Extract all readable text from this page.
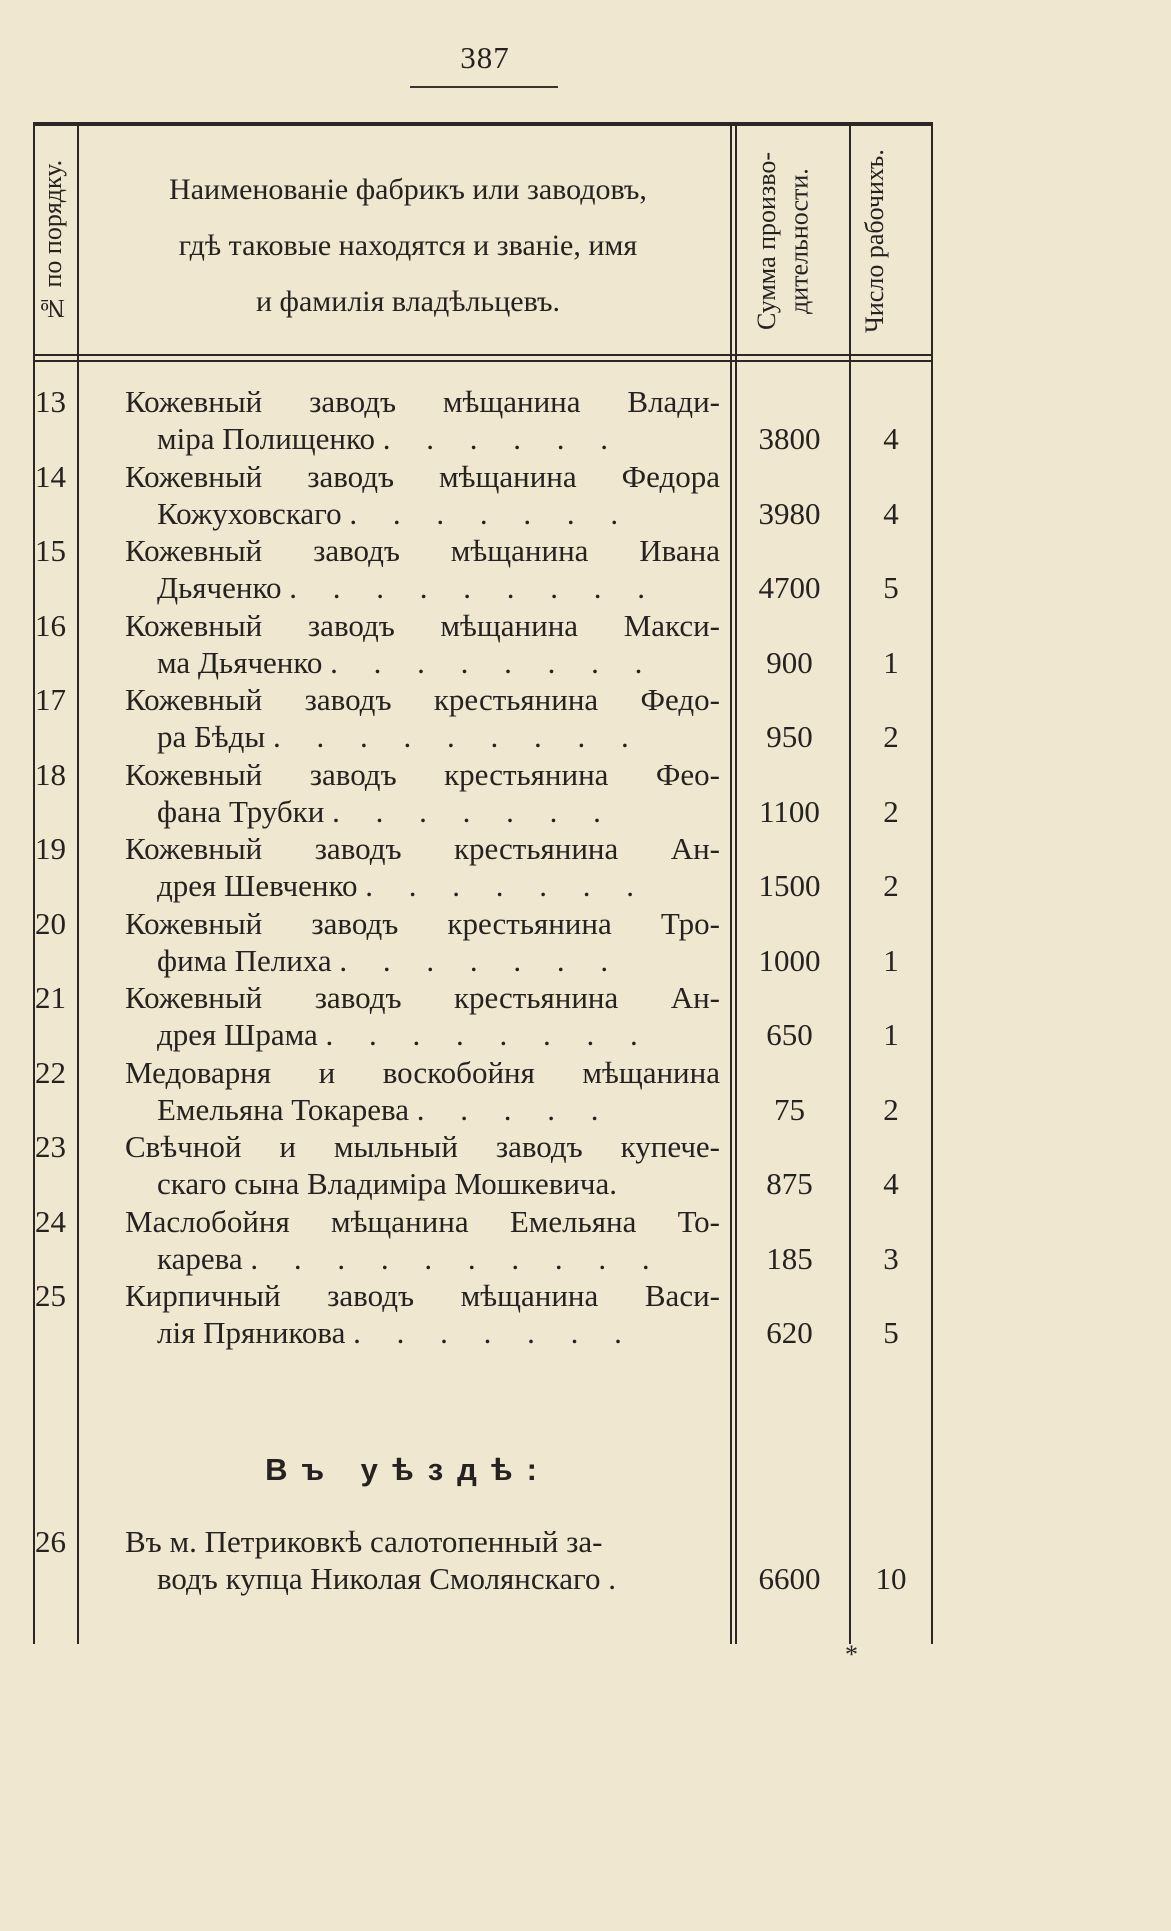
387
№ по порядку.	Наименованіе фабрикъ или заводовъ,
гдѣ таковые находятся и званіе, имя
и фамилія владѣльцевъ.	Сумма произво- дительности.	Число рабочихъ.
13 Кожевный заводъ мѣщанина Влади-
міра Полищенко . . . . . .	3800	4
14 Кожевный заводъ мѣщанина Федора
Кожуховскаго . . . . . . .	3980	4
15 Кожевный заводъ мѣщанина Ивана
Дьяченко . . . . . . . . .	4700	5
16 Кожевный заводъ мѣщанина Макси-
ма Дьяченко . . . . . . . .	900	1
17 Кожевный заводъ крестьянина Федо-
ра Бѣды . . . . . . . . .	950	2
18 Кожевный заводъ крестьянина Фео-
фана Трубки . . . . . . .	1100	2
19 Кожевный заводъ крестьянина Ан-
дрея Шевченко . . . . . . .	1500	2
20 Кожевный заводъ крестьянина Тро-
фима Пелиха . . . . . . .	1000	1
21 Кожевный заводъ крестьянина Ан-
дрея Шрама . . . . . . . .	650	1
22 Медоварня и воскобойня мѣщанина
Емельяна Токарева . . . . .	75	2
23 Свѣчной и мыльный заводъ купече-
скаго сына Владиміра Мошкевича.	875	4
24 Маслобойня мѣщанина Емельяна То-
карева . . . . . . . . . .	185	3
25 Кирпичный заводъ мѣщанина Васи-
лія Пряникова . . . . . . .	620	5
Въ уѣздѣ:
26 Въ м. Петриковкѣ салотопенный за-
водъ купца Николая Смолянскаго .	6600	10
*
